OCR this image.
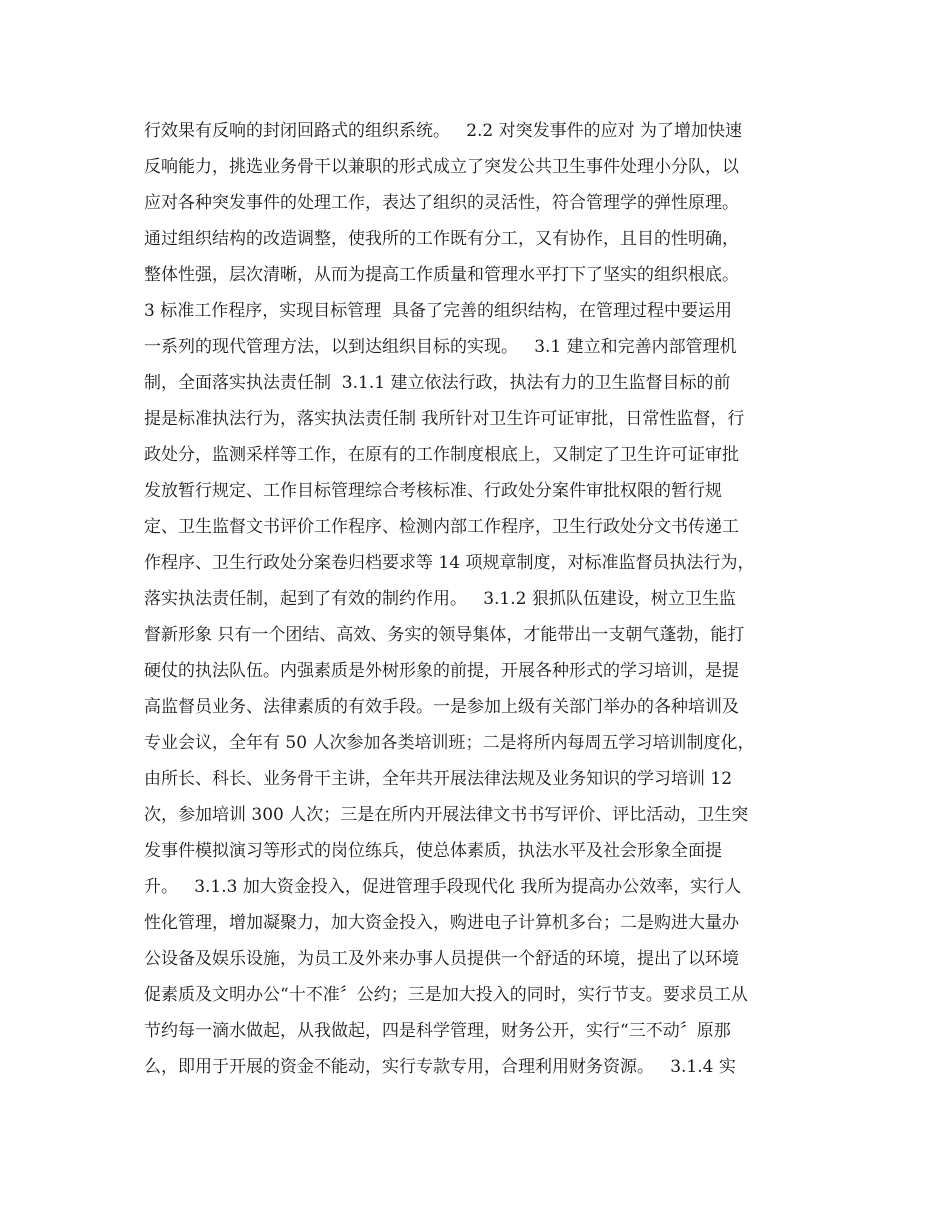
行效果有反响的封闭回路式的组织系统。   2.2 对突发事件的应对 为了增加快速
反响能力，挑选业务骨干以兼职的形式成立了突发公共卫生事件处理小分队，以
应对各种突发事件的处理工作，表达了组织的灵活性，符合管理学的弹性原理。
通过组织结构的改造调整，使我所的工作既有分工，又有协作，且目的性明确，
整体性强，层次清晰，从而为提高工作质量和管理水平打下了坚实的组织根底。
3 标准工作程序，实现目标管理  具备了完善的组织结构，在管理过程中要运用
一系列的现代管理方法，以到达组织目标的实现。   3.1 建立和完善内部管理机
制，全面落实执法责任制  3.1.1 建立依法行政，执法有力的卫生监督目标的前
提是标准执法行为，落实执法责任制 我所针对卫生许可证审批，日常性监督，行
政处分，监测采样等工作，在原有的工作制度根底上，又制定了卫生许可证审批
发放暂行规定、工作目标管理综合考核标准、行政处分案件审批权限的暂行规
定、卫生监督文书评价工作程序、检测内部工作程序，卫生行政处分文书传递工
作程序、卫生行政处分案卷归档要求等 14 项规章制度，对标准监督员执法行为，
落实执法责任制，起到了有效的制约作用。   3.1.2 狠抓队伍建设，树立卫生监
督新形象 只有一个团结、高效、务实的领导集体，才能带出一支朝气蓬勃，能打
硬仗的执法队伍。内强素质是外树形象的前提，开展各种形式的学习培训，是提
高监督员业务、法律素质的有效手段。一是参加上级有关部门举办的各种培训及
专业会议，全年有 50 人次参加各类培训班；二是将所内每周五学习培训制度化，
由所长、科长、业务骨干主讲，全年共开展法律法规及业务知识的学习培训 12
次，参加培训 300 人次；三是在所内开展法律文书书写评价、评比活动，卫生突
发事件模拟演习等形式的岗位练兵，使总体素质，执法水平及社会形象全面提
升。   3.1.3 加大资金投入，促进管理手段现代化 我所为提高办公效率，实行人
性化管理，增加凝聚力，加大资金投入，购进电子计算机多台；二是购进大量办
公设备及娱乐设施，为员工及外来办事人员提供一个舒适的环境，提出了以环境
促素质及文明办公“十不准〞公约；三是加大投入的同时，实行节支。要求员工从
节约每一滴水做起，从我做起，四是科学管理，财务公开，实行“三不动〞原那
么，即用于开展的资金不能动，实行专款专用，合理利用财务资源。   3.1.4 实
